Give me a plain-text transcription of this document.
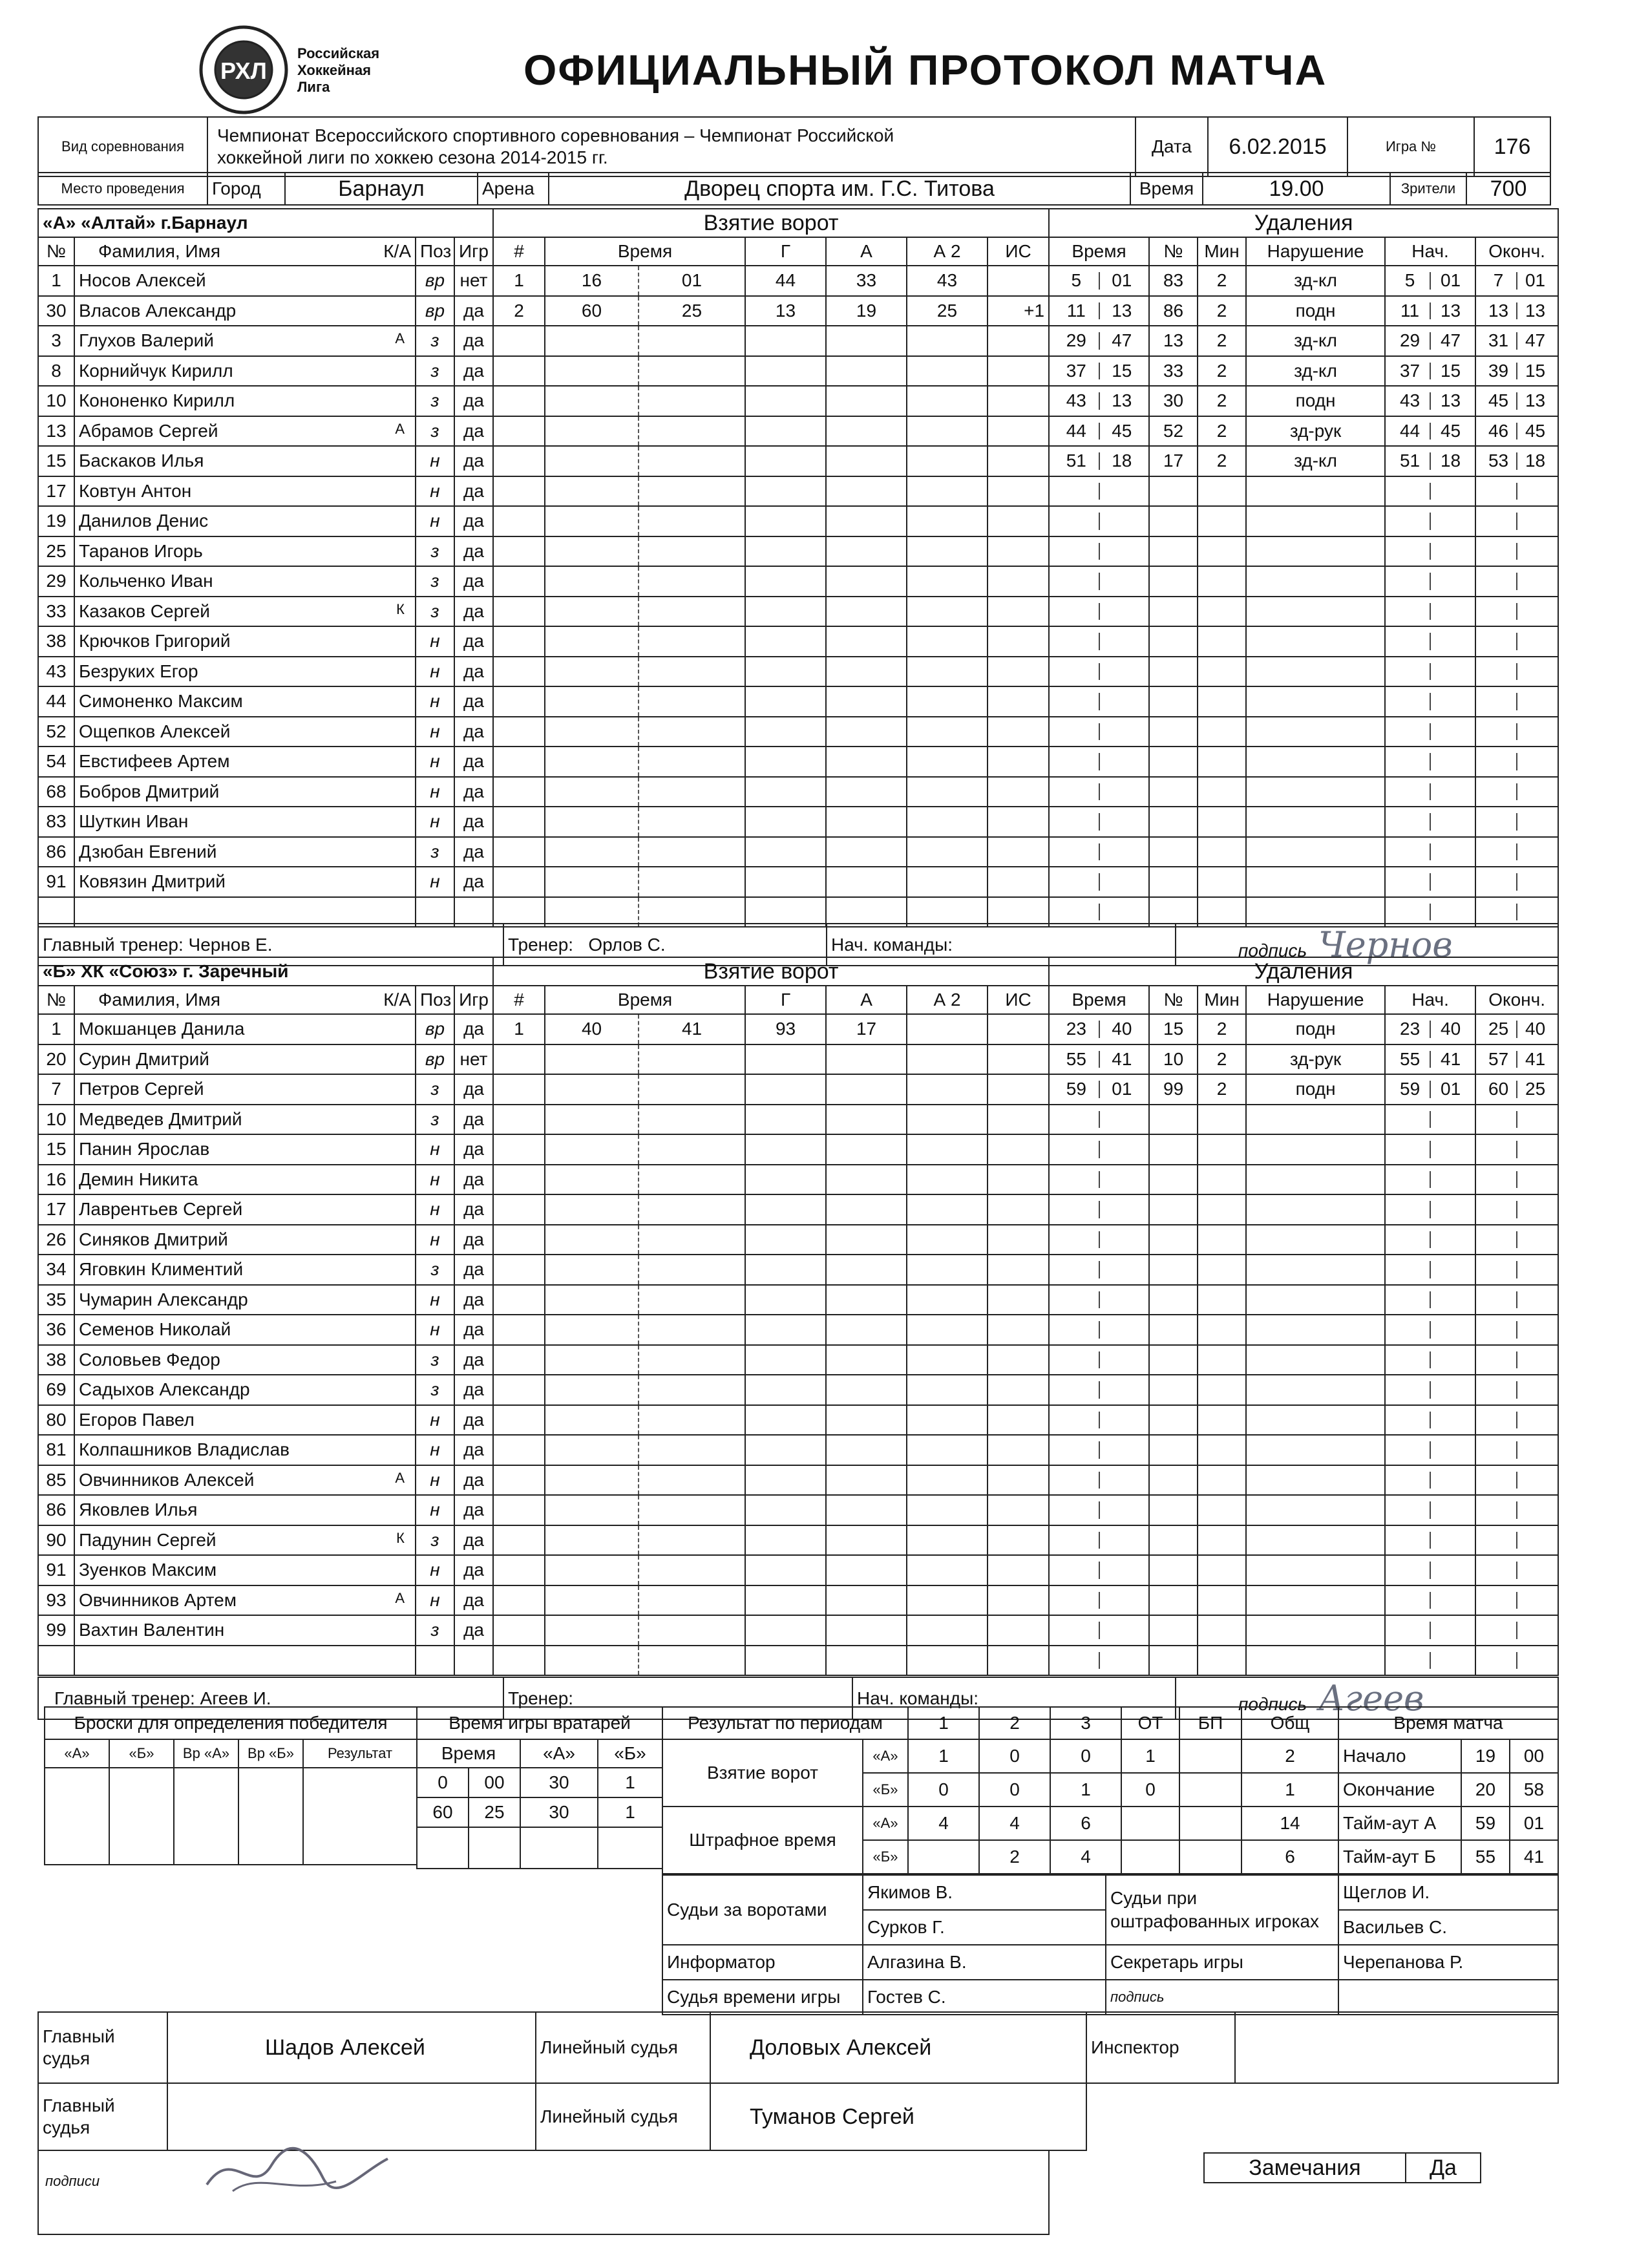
РХЛ
Российская
Хоккейная
Лига	ОФИЦИАЛЬНЫЙ ПРОТОКОЛ МАТЧА
Вид соревнования	
Чемпионат Всероссийского спортивного соревнования – Чемпионат Российской
хоккейной лиги по хоккею сезона 2014-2015 гг.
	Дата	6.02.2015	Игра №	176
Место проведения	Город	Барнаул	Арена	Дворец спорта им. Г.С. Титова	Время	19.00	Зрители	700
«А» «Алтай» г.Барнаул				Взятие ворот							Удаления					
№	Фамилия, Имя К/А	Поз	Игр	#	Время		Г	А	А 2	ИС	Время	№	Мин	Нарушение	Нач.	Оконч.
1	Носов Алексей	вр	нет	1	16	01	44	33	43		5 01	83	2	зд-кл	5 01	7 01
30	Власов Александр	вр	да	2	60	25	13	19	25	+1	11 13	86	2	подн	11 13	13 13
3	Глухов Валерий А	з	да								29 47	13	2	зд-кл	29 47	31 47
8	Корнийчук Кирилл	з	да								37 15	33	2	зд-кл	37 15	39 15
10	Кононенко Кирилл	з	да								43 13	30	2	подн	43 13	45 13
13	Абрамов Сергей А	з	да								44 45	52	2	зд-рук	44 45	46 45
15	Баскаков Илья	н	да								51 18	17	2	зд-кл	51 18	53 18
17	Ковтун Антон	н	да													
19	Данилов Денис	н	да													
25	Таранов Игорь	з	да													
29	Кольченко Иван	з	да													
33	Казаков Сергей К	з	да													
38	Крючков Григорий	н	да													
43	Безруких Егор	н	да													
44	Симоненко Максим	н	да													
52	Ощепков Алексей	н	да													
54	Евстифеев Артем	н	да													
68	Бобров Дмитрий	н	да													
83	Шуткин Иван	н	да													
86	Дзюбан Евгений	з	да													
91	Ковязин Дмитрий	н	да													

Главный тренер: Чернов Е.	Тренер: Орлов С.	Нач. команды:	подпись Чернов
«Б» ХК «Союз» г. Заречный				Взятие ворот							Удаления					
№	Фамилия, Имя К/А	Поз	Игр	#	Время		Г	А	А 2	ИС	Время	№	Мин	Нарушение	Нач.	Оконч.
1	Мокшанцев Данила	вр	да	1	40	41	93	17			23 40	15	2	подн	23 40	25 40
20	Сурин Дмитрий	вр	нет								55 41	10	2	зд-рук	55 41	57 41
7	Петров Сергей	з	да								59 01	99	2	подн	59 01	60 25
10	Медведев Дмитрий	з	да													
15	Панин Ярослав	н	да													
16	Демин Никита	н	да													
17	Лаврентьев Сергей	н	да													
26	Синяков Дмитрий	н	да													
34	Яговкин Климентий	з	да													
35	Чумарин Александр	н	да													
36	Семенов Николай	н	да													
38	Соловьев Федор	з	да													
69	Садыхов Александр	з	да													
80	Егоров Павел	н	да													
81	Колпашников Владислав	н	да													
85	Овчинников Алексей А	н	да													
86	Яковлев Илья	н	да													
90	Падунин Сергей К	з	да													
91	Зуенков Максим	н	да													
93	Овчинников Артем А	н	да													
99	Вахтин Валентин	з	да													

Главный тренер: Агеев И.	Тренер:	Нач. команды:	подпись Агеев
Броски для определения победителя				
«А»	«Б»	Вр «А»	Вр «Б»	Результат

Время игры вратарей			
Время		«А»	«Б»
0	00	30	1
60	25	30	1

Результат по периодам		1	2	3	ОТ	БП	Общ
Взятие ворот	«А»	1	0	0	1		2
	«Б»	0	0	1	0		1
Штрафное время	«А»	4	4	6			14
	«Б»		2	4			6
Время матча		
Начало	19	00
Окончание	20	58
Тайм-аут А	59	01
Тайм-аут Б	55	41
Судьи за воротами	Якимов В.	Судьи при оштрафованных игроках	Щеглов И.
	Сурков Г.		Васильев С.
Информатор	Алгазина В.	Секретарь игры	Черепанова Р.
Судья времени игры	Гостев С.	подпись	
Главный судья	Шадов Алексей	Линейный судья	Доловых Алексей	Инспектор	
Главный судья		Линейный судья	Туманов Сергей		
подписи
Замечания	Да
